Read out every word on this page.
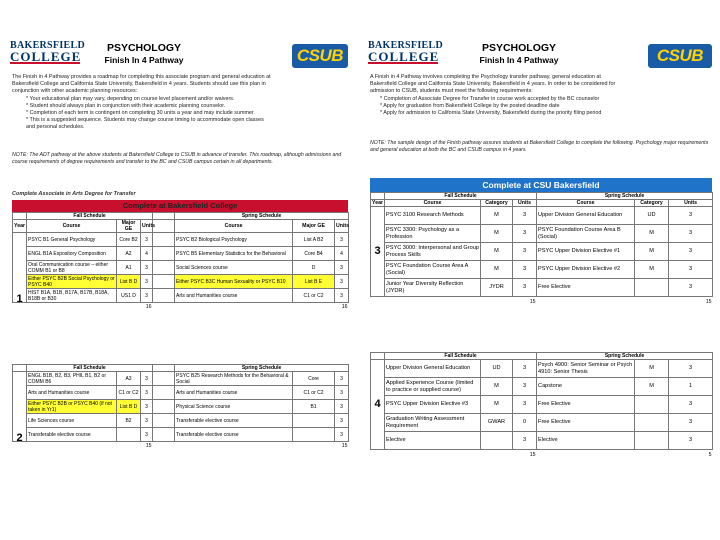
BAKERSFIELD
COLLEGE
PSYCHOLOGY
Finish In 4 Pathway	CSUB
The Finish in 4 Pathway provides a roadmap for completing this associate program and general education at
Bakersfield College and California State University, Bakersfield in 4 years. Students should use this plan in
conjunction with other academic planning resources:
* Your educational plan may vary, depending on course level placement and/or waivers.
* Student should always plan in conjunction with their academic planning counselor.
* Completion of each term is contingent on completing 30 units a year and may include summer.
* This is a suggested sequence. Students may change course timing to accommodate open classes
and personal schedules.
NOTE: The ADT pathway at the above students at Bakersfield College to CSUB in advance of transfer. This roadmap, although admissions and course requirements of degree requirements and transfer to the BC and CSUB campus certain in all departments.
Complete Associate in Arts Degree for Transfer
Complete at Bakersfield College
	Fall Schedule				Spring Schedule		
Year	Course	Major GE	Units		Course	Major GE	Units
1	PSYC B1 General Psychology	Core B2	3		PSYC B2 Biological Psychology	List A B2	3
	ENGL B1A Expository Composition	A2	4		PSYC B5 Elementary Statistics for the Behavioral	Core B4	4
	Oral Communication course – either COMM B1 or B8	A1	3		Social Sciences course	D	3
	Either PSYC B2B Social Psychology or PSYC B40	List B D	3		Either PSYC B3C Human Sexuality or PSYC B10	List B E	3
	HIST B1A, B1B, B17A, B17B, B18A, B18B or B30	US1 D	3		Arts and Humanities course	C1 or C2	3
			16				16
	Fall Schedule				Spring Schedule		
2	ENGL B1B, B2, B3, PHIL B1, B2 or COMM B6	A3	3		PSYC B25 Research Methods for the Behavioral & Social	Core	3
	Arts and Humanities course	C1 or C2	3		Arts and Humanities course	C1 or C2	3
	Either PSYC B2B or PSYC B40 (if not taken in Yr1)	List B D	3		Physical Science course	B1	3
	Life Sciences course	B2	3		Transferable elective course		3
	Transferable elective course		3		Transferable elective course		3
			15				15
BAKERSFIELD
COLLEGE
PSYCHOLOGY
Finish In 4 Pathway	CSUB
A Finish in 4 Pathway involves completing the Psychology transfer pathway, general education at
Bakersfield College and California State University, Bakersfield in 4 years. In order to be considered for
admission to CSUB, students must meet the following requirements:
* Completion of Associate Degree for Transfer in course work accepted by the BC counselor
* Apply for graduation from Bakersfield College by the posted deadline date
* Apply for admission to California State University, Bakersfield during the priority filing period
NOTE: The sample design of the Finish pathway assures students at Bakersfield College to complete the following. Psychology major requirements and general education at both the BC and CSUB campus in 4 years.
Complete at CSU Bakersfield
	Fall Schedule			Spring Schedule		
Year	Course	Category	Units	Course	Category	Units
3	PSYC 3100 Research Methods	M	3	Upper Division General Education	UD	3
	PSYC 3300: Psychology as a Profession	M	3	PSYC Foundation Course Area B (Social)	M	3
	PSYC 3000: Interpersonal and Group Process Skills	M	3	PSYC Upper Division Elective #1	M	3
	PSYC Foundation Course Area A (Social)	M	3	PSYC Upper Division Elective #2	M	3
	Junior Year Diversity Reflection (JYDR)	JYDR	3	Free Elective		3
			15			15
	Fall Schedule			Spring Schedule		
4	Upper Division General Education	UD	3	Psych 4900: Senior Seminar or Psych 4910: Senior Thesis	M	3
	Applied Experience Course (limited to practice or supplied course)	M	3	Capstone	M	1
	PSYC Upper Division Elective #3	M	3	Free Elective		3
	Graduation Writing Assessment Requirement	GWAR	0	Free Elective		3
	Elective		3	Elective		3
			15			5
